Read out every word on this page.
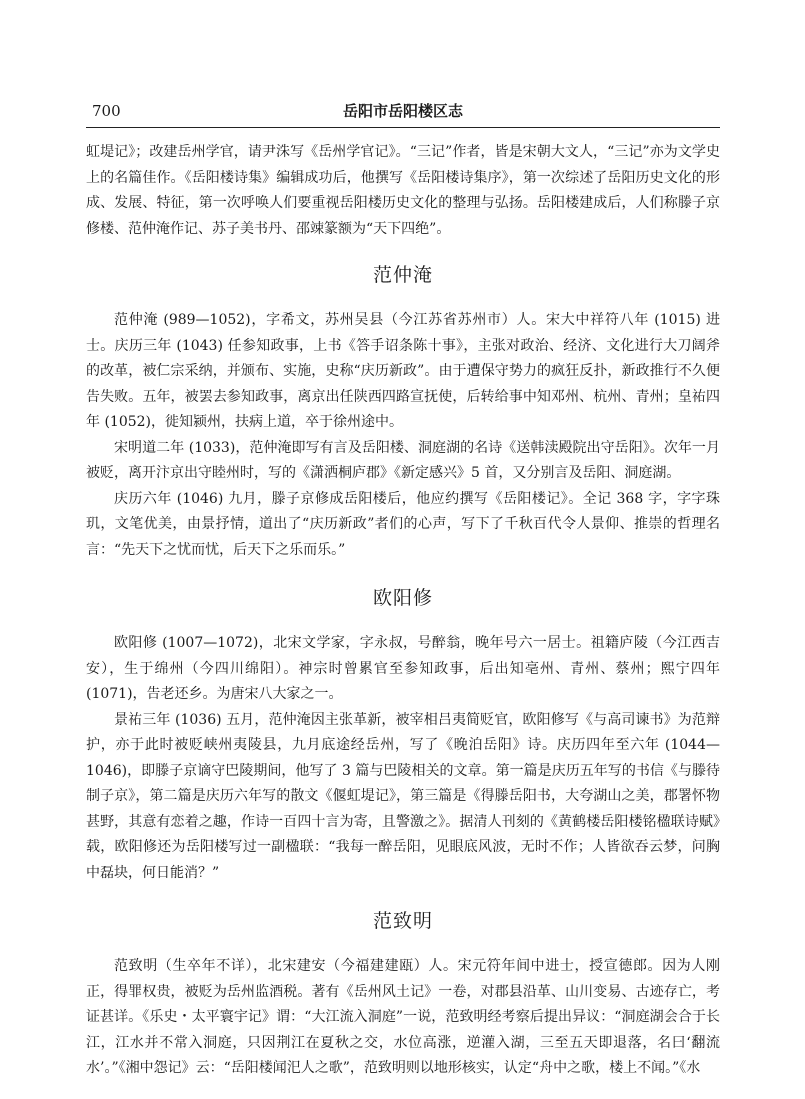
700	岳阳市岳阳楼区志

虹堤记》；改建岳州学官，请尹洙写《岳州学官记》。“三记”作者，皆是宋朝大文人，“三记”亦为文学史上的名篇佳作。《岳阳楼诗集》编辑成功后，他撰写《岳阳楼诗集序》，第一次综述了岳阳历史文化的形成、发展、特征，第一次呼唤人们要重视岳阳楼历史文化的整理与弘扬。岳阳楼建成后，人们称滕子京修楼、范仲淹作记、苏子美书丹、邵竦篆额为“天下四绝”。

范仲淹

范仲淹 (989—1052)，字希文，苏州吴县（今江苏省苏州市）人。宋大中祥符八年 (1015) 进士。庆历三年 (1043) 任参知政事，上书《答手诏条陈十事》，主张对政治、经济、文化进行大刀阔斧的改革，被仁宗采纳，并颁布、实施，史称“庆历新政”。由于遭保守势力的疯狂反扑，新政推行不久便告失败。五年，被罢去参知政事，离京出任陕西四路宣抚使，后转给事中知邓州、杭州、青州；皇祐四年 (1052)，徙知颍州，扶病上道，卒于徐州途中。

宋明道二年 (1033)，范仲淹即写有言及岳阳楼、洞庭湖的名诗《送韩渎殿院出守岳阳》。次年一月被贬，离开汴京出守睦州时，写的《潇洒桐庐郡》《新定感兴》5 首，又分别言及岳阳、洞庭湖。

庆历六年 (1046) 九月，滕子京修成岳阳楼后，他应约撰写《岳阳楼记》。全记 368 字，字字珠玑，文笔优美，由景抒情，道出了“庆历新政”者们的心声，写下了千秋百代令人景仰、推崇的哲理名言：“先天下之忧而忧，后天下之乐而乐。”

欧阳修

欧阳修 (1007—1072)，北宋文学家，字永叔，号醉翁，晚年号六一居士。祖籍庐陵（今江西吉安），生于绵州（今四川绵阳）。神宗时曾累官至参知政事，后出知亳州、青州、蔡州；熙宁四年 (1071)，告老还乡。为唐宋八大家之一。

景祐三年 (1036) 五月，范仲淹因主张革新，被宰相吕夷简贬官，欧阳修写《与高司谏书》为范辩护，亦于此时被贬峡州夷陵县，九月底途经岳州，写了《晚泊岳阳》诗。庆历四年至六年 (1044—1046)，即滕子京谪守巴陵期间，他写了 3 篇与巴陵相关的文章。第一篇是庆历五年写的书信《与滕待制子京》，第二篇是庆历六年写的散文《偃虹堤记》，第三篇是《得滕岳阳书，大夸湖山之美，郡署怀物甚野，其意有恋着之趣，作诗一百四十言为寄，且警激之》。据清人刊刻的《黄鹤楼岳阳楼铭楹联诗赋》载，欧阳修还为岳阳楼写过一副楹联：“我每一醉岳阳，见眼底风波，无时不作；人皆欲吞云梦，问胸中磊块，何日能消？”

范致明

范致明（生卒年不详），北宋建安（今福建建瓯）人。宋元符年间中进士，授宣德郎。因为人刚正，得罪权贵，被贬为岳州监酒税。著有《岳州风土记》一卷，对郡县沿革、山川变易、古迹存亡，考证甚详。《乐史・太平寰宇记》谓：“大江流入洞庭”一说，范致明经考察后提出异议：“洞庭湖会合于长江，江水并不常入洞庭，只因荆江在夏秋之交，水位高涨，逆灌入湖，三至五天即退落，名曰‘翻流水’。”《湘中怨记》云：“岳阳楼闻汜人之歌”，范致明则以地形核实，认定“舟中之歌，楼上不闻。”《水
